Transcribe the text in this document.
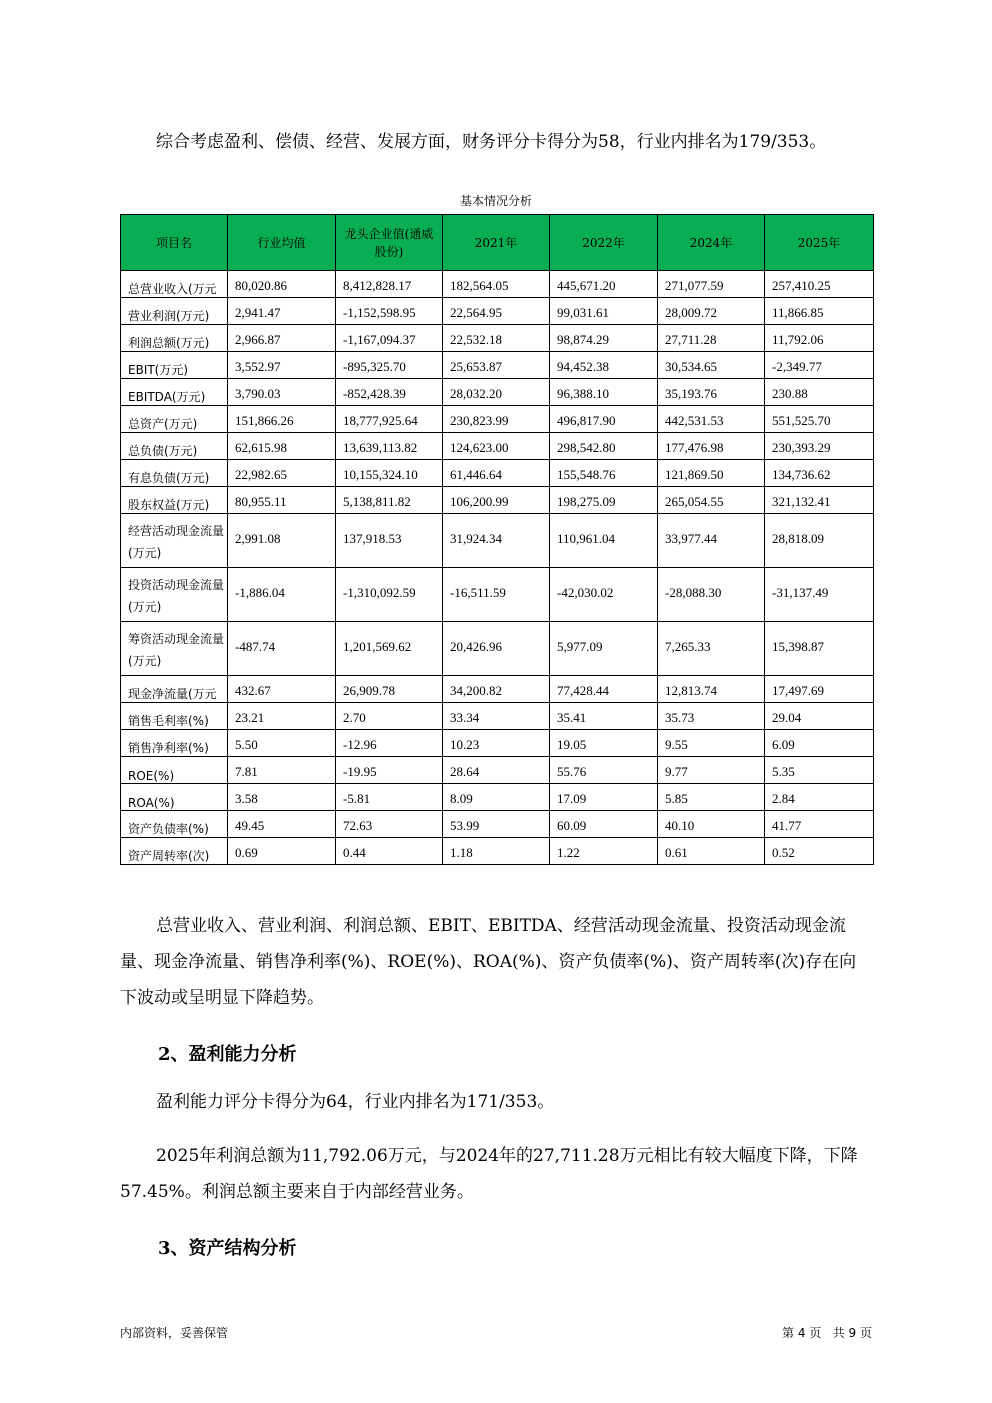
综合考虑盈利、偿债、经营、发展方面，财务评分卡得分为58，行业内排名为179/353。

基本情况分析
项目名	行业均值	龙头企业值(通威股份)	2021年	2022年	2024年	2025年
总营业收入(万元	80,020.86	8,412,828.17	182,564.05	445,671.20	271,077.59	257,410.25
营业利润(万元)	2,941.47	-1,152,598.95	22,564.95	99,031.61	28,009.72	11,866.85
利润总额(万元)	2,966.87	-1,167,094.37	22,532.18	98,874.29	27,711.28	11,792.06
EBIT(万元)	3,552.97	-895,325.70	25,653.87	94,452.38	30,534.65	-2,349.77
EBITDA(万元)	3,790.03	-852,428.39	28,032.20	96,388.10	35,193.76	230.88
总资产(万元)	151,866.26	18,777,925.64	230,823.99	496,817.90	442,531.53	551,525.70
总负债(万元)	62,615.98	13,639,113.82	124,623.00	298,542.80	177,476.98	230,393.29
有息负债(万元)	22,982.65	10,155,324.10	61,446.64	155,548.76	121,869.50	134,736.62
股东权益(万元)	80,955.11	5,138,811.82	106,200.99	198,275.09	265,054.55	321,132.41
经营活动现金流量(万元)	2,991.08	137,918.53	31,924.34	110,961.04	33,977.44	28,818.09
投资活动现金流量(万元)	-1,886.04	-1,310,092.59	-16,511.59	-42,030.02	-28,088.30	-31,137.49
筹资活动现金流量(万元)	-487.74	1,201,569.62	20,426.96	5,977.09	7,265.33	15,398.87
现金净流量(万元	432.67	26,909.78	34,200.82	77,428.44	12,813.74	17,497.69
销售毛利率(%)	23.21	2.70	33.34	35.41	35.73	29.04
销售净利率(%)	5.50	-12.96	10.23	19.05	9.55	6.09
ROE(%)	7.81	-19.95	28.64	55.76	9.77	5.35
ROA(%)	3.58	-5.81	8.09	17.09	5.85	2.84
资产负债率(%)	49.45	72.63	53.99	60.09	40.10	41.77
资产周转率(次)	0.69	0.44	1.18	1.22	0.61	0.52

总营业收入、营业利润、利润总额、EBIT、EBITDA、经营活动现金流量、投资活动现金流量、现金净流量、销售净利率(%)、ROE(%)、ROA(%)、资产负债率(%)、资产周转率(次)存在向下波动或呈明显下降趋势。

2、盈利能力分析

盈利能力评分卡得分为64，行业内排名为171/353。

2025年利润总额为11,792.06万元，与2024年的27,711.28万元相比有较大幅度下降，下降57.45%。利润总额主要来自于内部经营业务。

3、资产结构分析
内部资料，妥善保管	第 4 页   共 9 页
